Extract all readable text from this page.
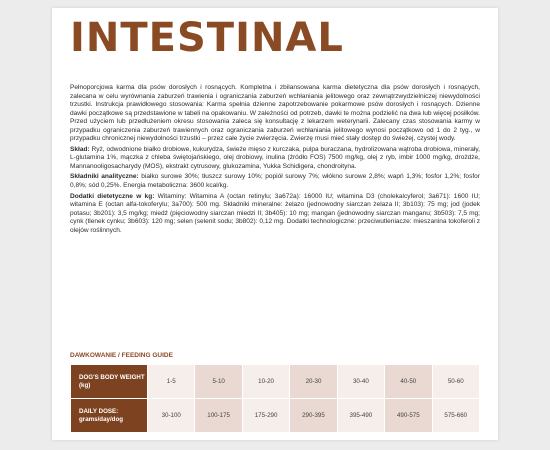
INTESTINAL

Pełnoporcjowa karma dla psów dorosłych i rosnących. Kompletna i zbilansowana karma dietetyczna dla psów dorosłych i rosnących, zalecana w celu wyrównania zaburzeń trawienia i ograniczania zaburzeń wchłaniania jelitowego oraz zewnątrzwydzielniczej niewydolności trzustki. Instrukcja prawidłowego stosowania: Karma spełnia dzienne zapotrzebowanie pokarmowe psów dorosłych i rosnących. Dzienne dawki początkowe są przedstawione w tabeli na opakowaniu. W zależności od potrzeb, dawki te można podzielić na dwa lub więcej posiłków. Przed użyciem lub przedłużeniem okresu stosowania zaleca się konsultację z lekarzem weterynarii. Zalecany czas stosowania karmy w przypadku ograniczenia zaburzeń trawiennych oraz ograniczania zaburzeń wchłaniania jelitowego wynosi początkowo od 1 do 2 tyg., w przypadku chronicznej niewydolności trzustki – przez całe życie zwierzęcia. Zwierzę musi mieć stały dostęp do świeżej, czystej wody.

Skład: Ryż, odwodnione białko drobiowe, kukurydza, świeże mięso z kurczaka, pulpa buraczana, hydrolizowana wątroba drobiowa, minerały, L-glutamina 1%, mączka z chleba świętojańskiego, olej drobiowy, inulina (źródło FOS) 7500 mg/kg, olej z ryb, imbir 1000 mg/kg, drożdże, Mannanooligosacharydy (MOS), ekstrakt cytrusowy, glukozamina, Yukka Schidigera, chondroityna.

Składniki analityczne: białko surowe 30%; tłuszcz surowy 10%; popiół surowy 7%; włókno surowe 2,8%; wapń 1,3%; fosfor 1,2%; fosfor 0,8%; sód 0,25%. Energia metaboliczna: 3600 kcal/kg.

Dodatki dietetyczne w kg: Witaminy: Witamina A (octan retinylu; 3a672a): 16000 IU; witamina D3 (cholekalcyferol; 3a671): 1600 IU; witamina E (octan alfa-tokoferylu; 3a700): 500 mg. Składniki mineralne: żelazo (jednowodny siarczan żelaza II; 3b103): 75 mg; jod (jodek potasu; 3b201): 3,5 mg/kg; miedź (pięciowodny siarczan miedzi II; 3b405): 10 mg; mangan (jednowodny siarczan manganu; 3b503): 7,5 mg; cynk (tlenek cynku; 3b603): 120 mg; selen (selenit sodu; 3b802): 0,12 mg. Dodatki technologiczne: przeciwutleniacze: mieszanina tokoferoli z olejów roślinnych.

DAWKOWANIE / FEEDING GUIDE
DOG'S BODY WEIGHT (kg)	1-5	5-10	10-20	20-30	30-40	40-50	50-60
DAILY DOSE: grams/day/dog	30-100	100-175	175-290	290-395	395-490	490-575	575-660
